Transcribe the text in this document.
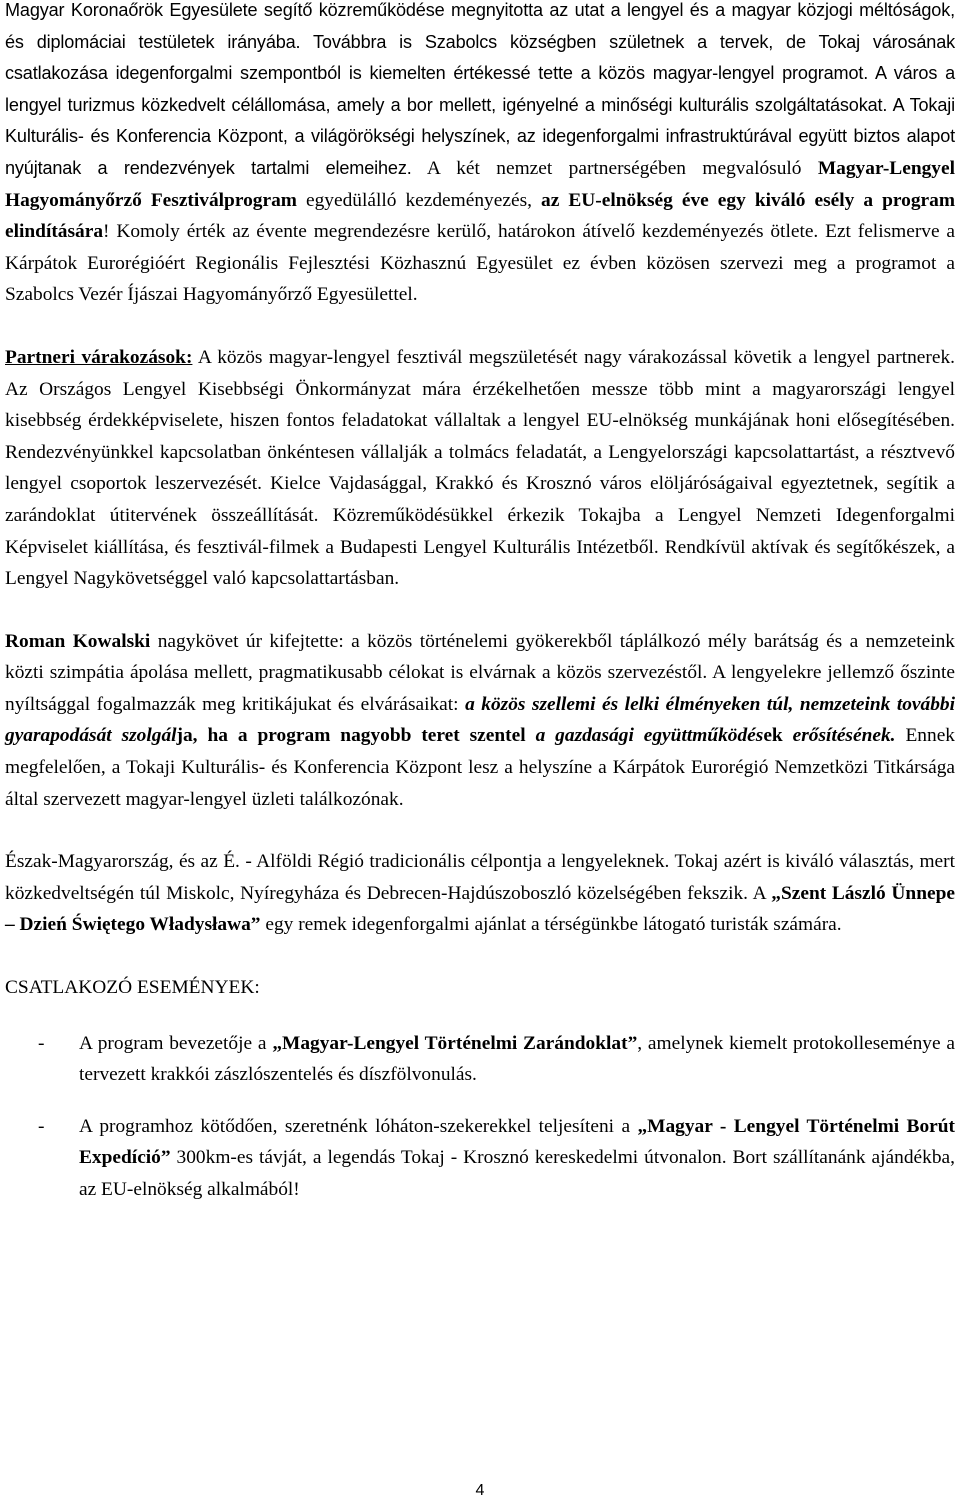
Magyar Koronaőrök Egyesülete segítő közreműködése megnyitotta az utat a lengyel és a magyar közjogi méltóságok, és diplomáciai testületek irányába. Továbbra is Szabolcs községben születnek a tervek, de Tokaj városának csatlakozása idegenforgalmi szempontból is kiemelten értékessé tette a közös magyar-lengyel programot. A város a lengyel turizmus közkedvelt célállomása, amely a bor mellett, igényelné a minőségi kulturális szolgáltatásokat. A Tokaji Kulturális- és Konferencia Központ, a világörökségi helyszínek, az idegenforgalmi infrastruktúrával együtt biztos alapot nyújtanak a rendezvények tartalmi elemeihez. A két nemzet partnerségében megvalósuló Magyar-Lengyel Hagyományőrző Fesztiválprogram egyedülálló kezdeményezés, az EU-elnökség éve egy kiváló esély a program elindítására! Komoly érték az évente megrendezésre kerülő, határokon átívelő kezdeményezés ötlete. Ezt felismerve a Kárpátok Eurorégióért Regionális Fejlesztési Közhasznú Egyesület ez évben közösen szervezi meg a programot a Szabolcs Vezér Íjászai Hagyományőrző Egyesülettel.

Partneri várakozások: A közös magyar-lengyel fesztivál megszületését nagy várakozással követik a lengyel partnerek. Az Országos Lengyel Kisebbségi Önkormányzat mára érzékelhetően messze több mint a magyarországi lengyel kisebbség érdekképviselete, hiszen fontos feladatokat vállaltak a lengyel EU-elnökség munkájának honi elősegítésében. Rendezvényünkkel kapcsolatban önkéntesen vállalják a tolmács feladatát, a Lengyelországi kapcsolattartást, a résztvevő lengyel csoportok leszervezését. Kielce Vajdasággal, Krakkó és Krosznó város elöljáróságaival egyeztetnek, segítik a zarándoklat útitervének összeállítását. Közreműködésükkel érkezik Tokajba a Lengyel Nemzeti Idegenforgalmi Képviselet kiállítása, és fesztivál-filmek a Budapesti Lengyel Kulturális Intézetből. Rendkívül aktívak és segítőkészek, a Lengyel Nagykövetséggel való kapcsolattartásban.

Roman Kowalski nagykövet úr kifejtette: a közös történelemi gyökerekből táplálkozó mély barátság és a nemzeteink közti szimpátia ápolása mellett, pragmatikusabb célokat is elvárnak a közös szervezéstől. A lengyelekre jellemző őszinte nyíltsággal fogalmazzák meg kritikájukat és elvárásaikat: a közös szellemi és lelki élményeken túl, nemzeteink további gyarapodását szolgálja, ha a program nagyobb teret szentel a gazdasági együttműködések erősítésének. Ennek megfelelően, a Tokaji Kulturális- és Konferencia Központ lesz a helyszíne a Kárpátok Eurorégió Nemzetközi Titkársága által szervezett magyar-lengyel üzleti találkozónak.

Észak-Magyarország, és az É. - Alföldi Régió tradicionális célpontja a lengyeleknek. Tokaj azért is kiváló választás, mert közkedveltségén túl Miskolc, Nyíregyháza és Debrecen-Hajdúszoboszló közelségében fekszik. A „Szent László Ünnepe – Dzień Świętego Władysława” egy remek idegenforgalmi ajánlat a térségünkbe látogató turisták számára.

CSATLAKOZÓ ESEMÉNYEK:
- A program bevezetője a „Magyar-Lengyel Történelmi Zarándoklat”, amelynek kiemelt protokolleseménye a tervezett krakkói zászlószentelés és díszfölvonulás.
- A programhoz kötődően, szeretnénk lóháton-szekerekkel teljesíteni a „Magyar - Lengyel Történelmi Borút Expedíció” 300km-es távját, a legendás Tokaj - Krosznó kereskedelmi útvonalon. Bort szállítanánk ajándékba, az EU-elnökség alkalmából!
4
